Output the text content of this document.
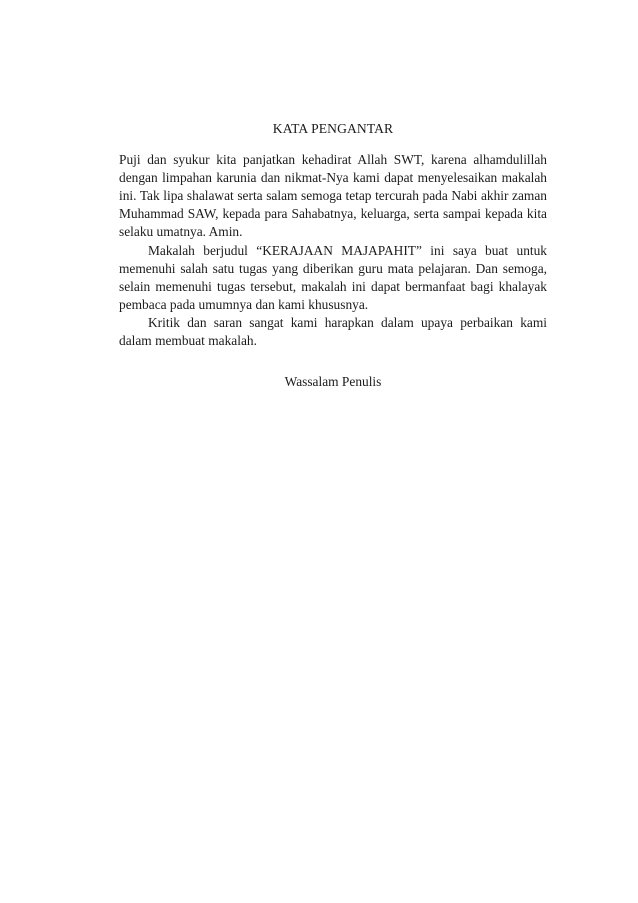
KATA PENGANTAR

Puji dan syukur kita panjatkan kehadirat Allah SWT, karena alhamdulillah dengan limpahan karunia dan nikmat-Nya kami dapat menyelesaikan makalah ini. Tak lipa shalawat serta salam semoga tetap tercurah pada Nabi akhir zaman Muhammad SAW, kepada para Sahabatnya, keluarga, serta sampai kepada kita selaku umatnya. Amin.

Makalah berjudul “KERAJAAN MAJAPAHIT” ini saya buat untuk memenuhi salah satu tugas yang diberikan guru mata pelajaran. Dan semoga, selain memenuhi tugas tersebut, makalah ini dapat bermanfaat bagi khalayak pembaca pada umumnya dan kami khususnya.

Kritik dan saran sangat kami harapkan dalam upaya perbaikan kami dalam membuat makalah.

Wassalam Penulis
